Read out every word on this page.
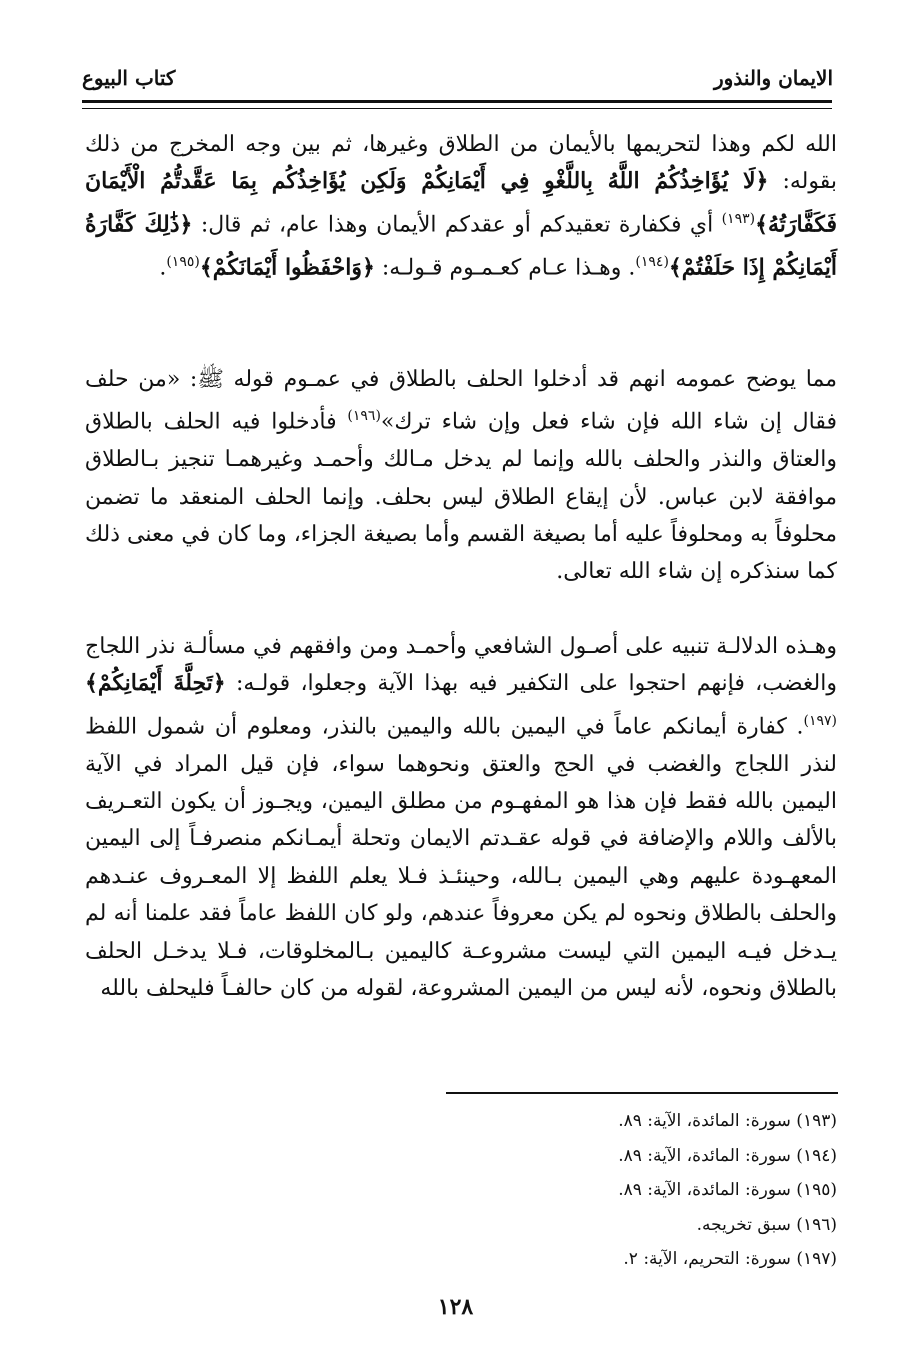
الايمان والنذور
كتاب البيوع

الله لكم وهذا لتحريمها بالأيمان من الطلاق وغيرها، ثم بين وجه المخرج من ذلك بقوله: ﴿لَا يُؤَاخِذُكُمُ اللَّهُ بِاللَّغْوِ فِي أَيْمَانِكُمْ وَلَكِن يُؤَاخِذُكُم بِمَا عَقَّدتُّمُ الْأَيْمَانَ فَكَفَّارَتُهُ﴾$^{(١٩٣)}$ أي فكفارة تعقيدكم أو عقدكم الأيمان وهذا عام، ثم قال: ﴿ذَٰلِكَ كَفَّارَةُ أَيْمَانِكُمْ إِذَا حَلَفْتُمْ﴾$^{(١٩٤)}$. وهـذا عـام كعـمـوم قـولـه: ﴿وَاحْفَظُوا أَيْمَانَكُمْ﴾$^{(١٩٥)}$.

مما يوضح عمومه انهم قد أدخلوا الحلف بالطلاق في عمـوم قوله ﷺ: «من حلف فقال إن شاء الله فإن شاء فعل وإن شاء ترك»$^{(١٩٦)}$ فأدخلوا فيه الحلف بالطلاق والعتاق والنذر والحلف بالله وإنما لم يدخل مـالك وأحمـد وغيرهمـا تنجيز بـالطلاق موافقة لابن عباس. لأن إيقاع الطلاق ليس بحلف. وإنما الحلف المنعقد ما تضمن محلوفاً به ومحلوفاً عليه أما بصيغة القسم وأما بصيغة الجزاء، وما كان في معنى ذلك كما سنذكره إن شاء الله تعالى.

وهـذه الدلالـة تنبيه على أصـول الشافعي وأحمـد ومن وافقهم في مسألـة نذر اللجاج والغضب، فإنهم احتجوا على التكفير فيه بهذا الآية وجعلوا، قولـه: ﴿تَحِلَّةَ أَيْمَانِكُمْ﴾$^{(١٩٧)}$. كفارة أيمانكم عاماً في اليمين بالله واليمين بالنذر، ومعلوم أن شمول اللفظ لنذر اللجاج والغضب في الحج والعتق ونحوهما سواء، فإن قيل المراد في الآية اليمين بالله فقط فإن هذا هو المفهـوم من مطلق اليمين، ويجـوز أن يكون التعـريف بالألف واللام والإضافة في قوله عقـدتم الايمان وتحلة أيمـانكم منصرفـاً إلى اليمين المعهـودة عليهم وهي اليمين بـالله، وحينئـذ فـلا يعلم اللفظ إلا المعـروف عنـدهم والحلف بالطلاق ونحوه لم يكن معروفاً عندهم، ولو كان اللفظ عاماً فقد علمنا أنه لم يـدخل فيـه اليمين التي ليست مشروعـة كاليمين بـالمخلوقات، فـلا يدخـل الحلف بالطلاق ونحوه، لأنه ليس من اليمين المشروعة، لقوله من كان حالفـاً فليحلف بالله

(١٩٣) سورة: المائدة، الآية: ٨٩.
(١٩٤) سورة: المائدة، الآية: ٨٩.
(١٩٥) سورة: المائدة، الآية: ٨٩.
(١٩٦) سبق تخريجه.
(١٩٧) سورة: التحريم، الآية: ٢.
١٢٨
